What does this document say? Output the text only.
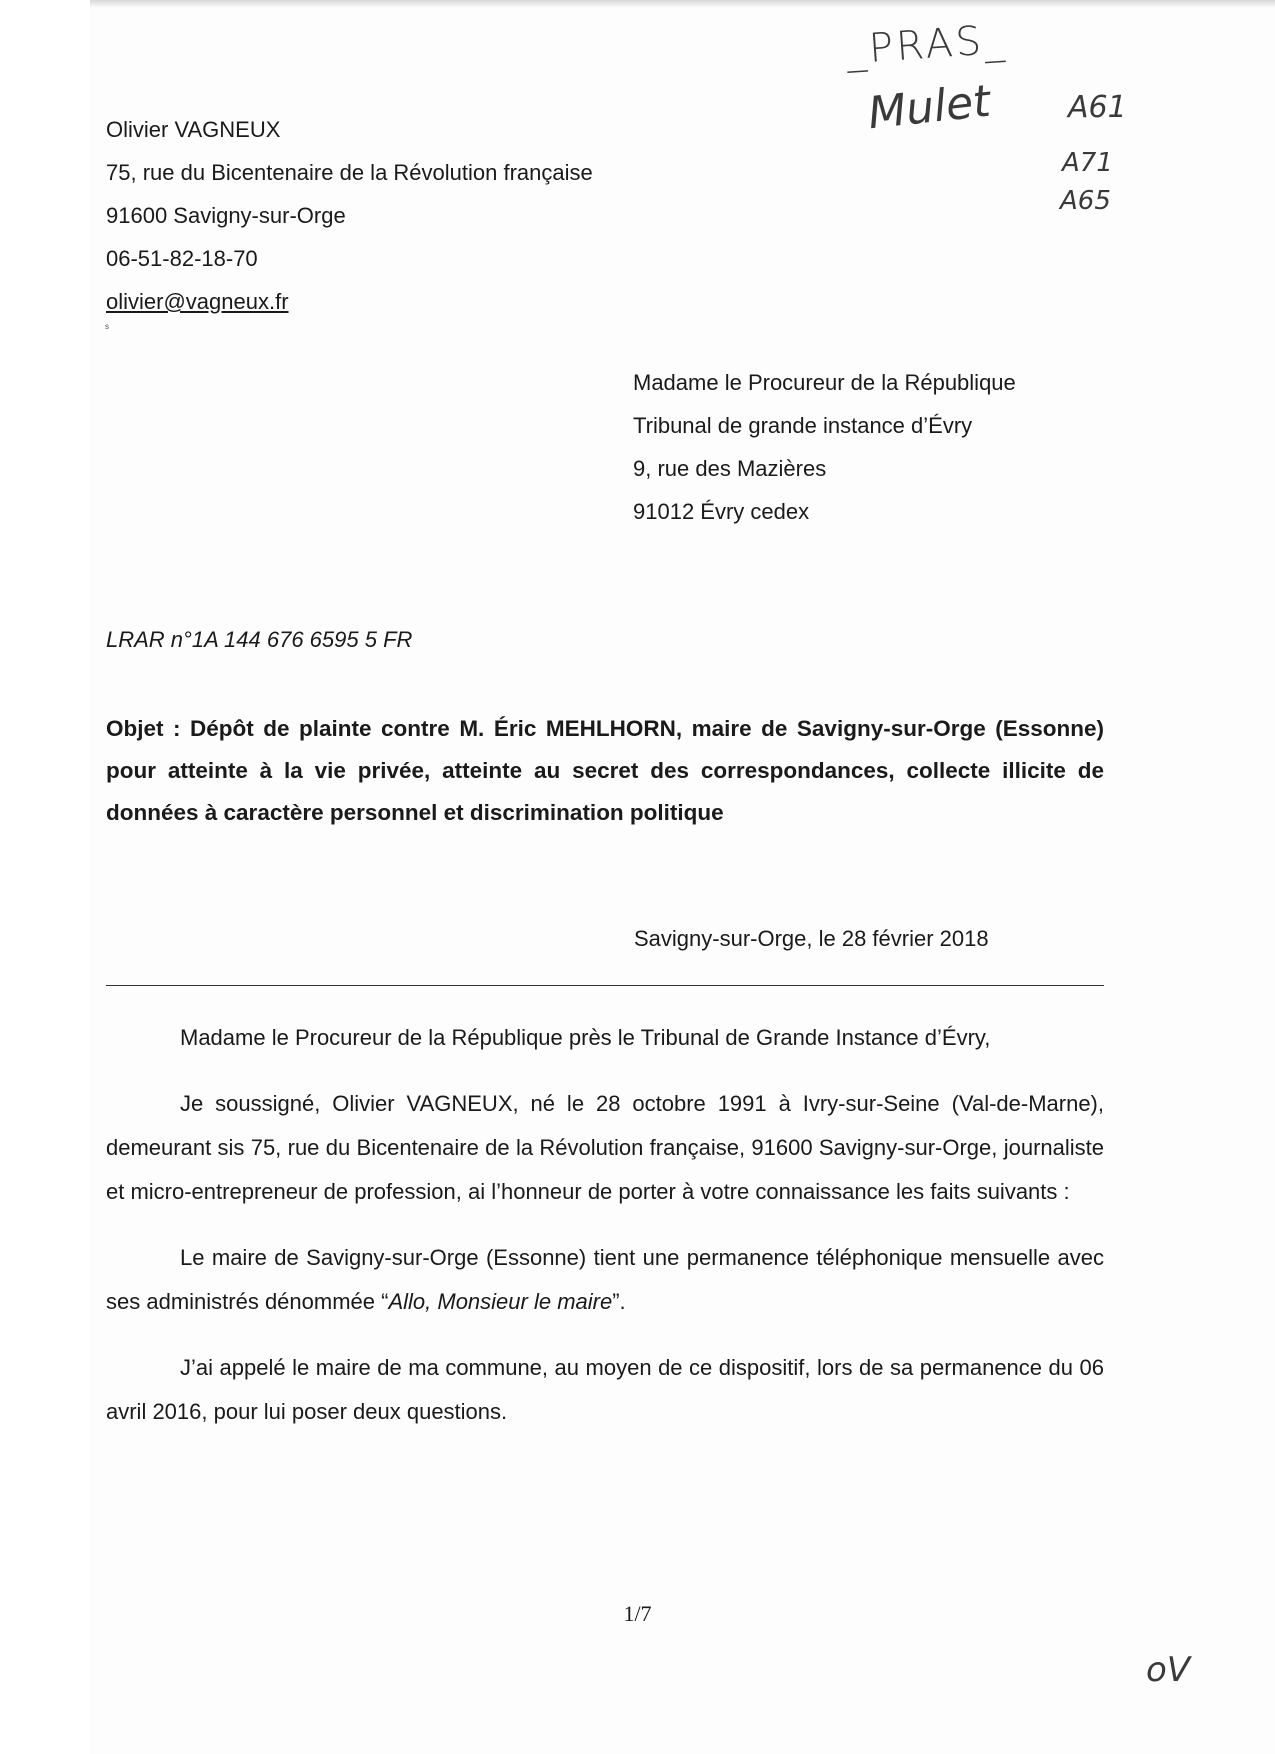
_PRAS_
Mulet	A61
A71
A65
Olivier VAGNEUX
75, rue du Bicentenaire de la Révolution française
91600 Savigny-sur-Orge
06-51-82-18-70
olivier@vagneux.fr
s
Madame le Procureur de la République
Tribunal de grande instance d’Évry
9, rue des Mazières
91012 Évry cedex
LRAR n°1A 144 676 6595 5 FR
Objet : Dépôt de plainte contre M. Éric MEHLHORN, maire de Savigny-sur-Orge (Essonne) pour atteinte à la vie privée, atteinte au secret des correspondances, collecte illicite de données à caractère personnel et discrimination politique
Savigny-sur-Orge, le 28 février 2018

Madame le Procureur de la République près le Tribunal de Grande Instance d’Évry,

Je soussigné, Olivier VAGNEUX, né le 28 octobre 1991 à Ivry-sur-Seine (Val-de-Marne), demeurant sis 75, rue du Bicentenaire de la Révolution française, 91600 Savigny-sur-Orge, journaliste et micro-entrepreneur de profession, ai l’honneur de porter à votre connaissance les faits suivants :

Le maire de Savigny-sur-Orge (Essonne) tient une permanence téléphonique mensuelle avec ses administrés dénommée “Allo, Monsieur le maire”.

J’ai appelé le maire de ma commune, au moyen de ce dispositif, lors de sa permanence du 06 avril 2016, pour lui poser deux questions.

1/7
oV
